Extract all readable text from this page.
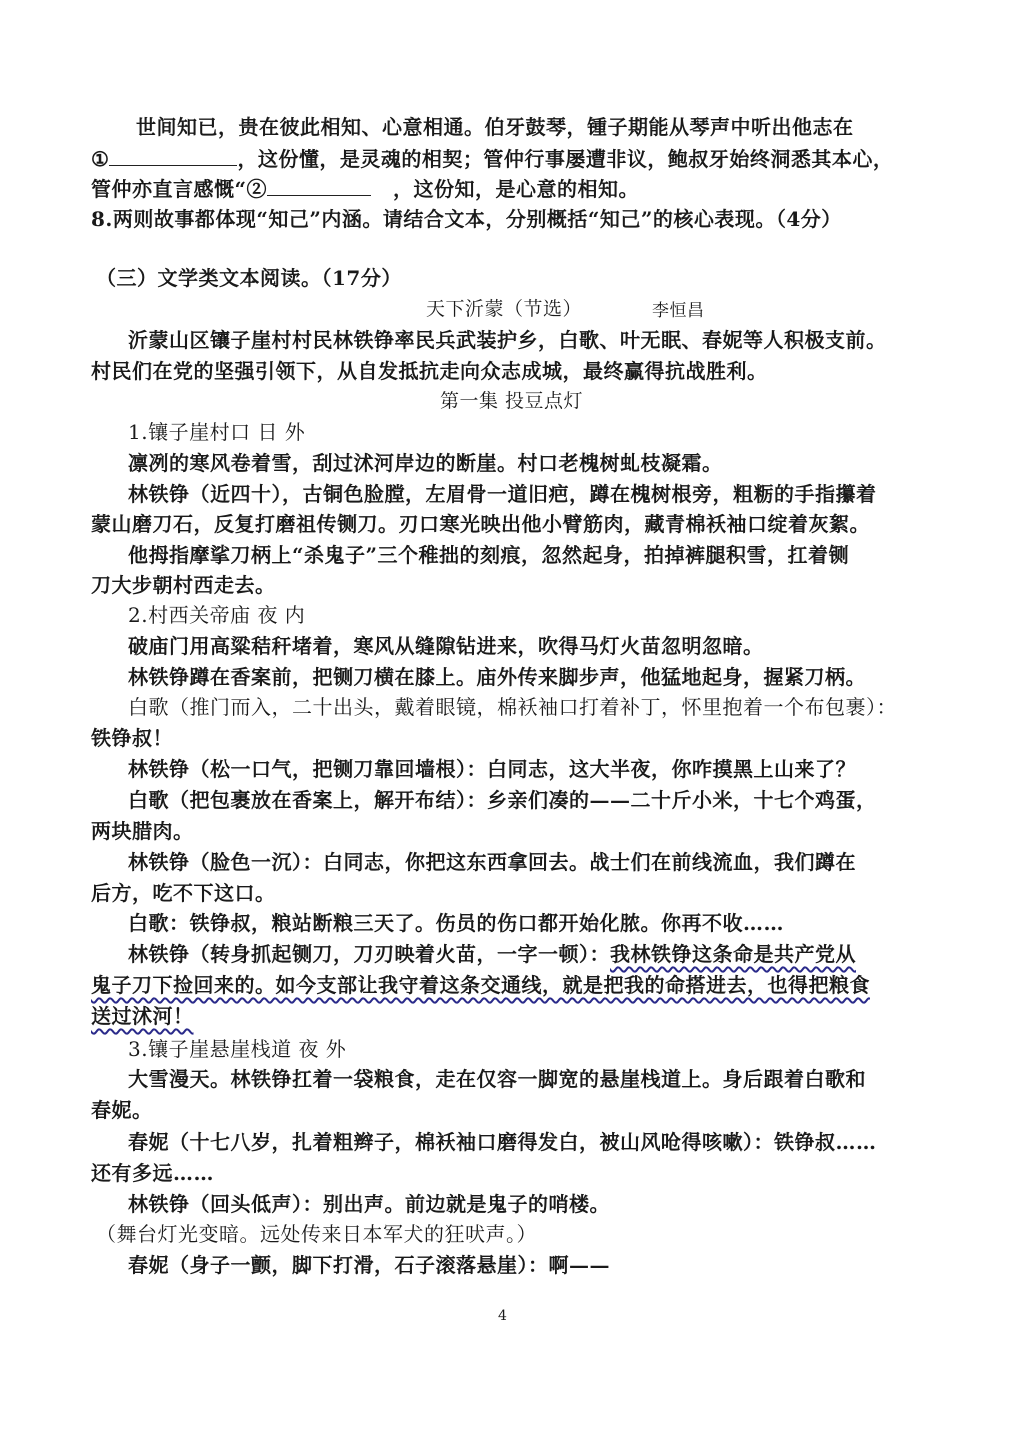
世间知已，贵在彼此相知、心意相通。伯牙鼓琴，锺子期能从琴声中听出他志在
①	，这份懂，是灵魂的相契；管仲行事屡遭非议，鲍叔牙始终洞悉其本心，
管仲亦直言感慨“②	，这份知，是心意的相知。
8.两则故事都体现“知己”内涵。请结合文本，分别概括“知己”的核心表现。（4分）
（三）文学类文本阅读。（17分）
天下沂蒙（节选）	李恒昌
沂蒙山区镶子崖村村民林铁铮率民兵武装护乡，白歌、叶无眠、春妮等人积极支前。
村民们在党的坚强引领下，从自发抵抗走向众志成城，最终赢得抗战胜利。
第一集 投豆点灯
1.镶子崖村口 日 外
凛冽的寒风卷着雪，刮过沭河岸边的断崖。村口老槐树虬枝凝霜。
林铁铮（近四十），古铜色脸膛，左眉骨一道旧疤，蹲在槐树根旁，粗粝的手指攥着
蒙山磨刀石，反复打磨祖传铡刀。刃口寒光映出他小臂筋肉，藏青棉袄袖口绽着灰絮。
他拇指摩挲刀柄上“杀鬼子”三个稚拙的刻痕，忽然起身，拍掉裤腿积雪，扛着铡
刀大步朝村西走去。
2.村西关帝庙 夜 内
破庙门用高粱秸秆堵着，寒风从缝隙钻进来，吹得马灯火苗忽明忽暗。
林铁铮蹲在香案前，把铡刀横在膝上。庙外传来脚步声，他猛地起身，握紧刀柄。
白歌（推门而入，二十出头，戴着眼镜，棉袄袖口打着补丁，怀里抱着一个布包裹）：
铁铮叔！
林铁铮（松一口气，把铡刀靠回墙根）：白同志，这大半夜，你咋摸黑上山来了？
白歌（把包裹放在香案上，解开布结）：乡亲们凑的——二十斤小米，十七个鸡蛋，
两块腊肉。
林铁铮（脸色一沉）：白同志，你把这东西拿回去。战士们在前线流血，我们蹲在
后方，吃不下这口。
白歌：铁铮叔，粮站断粮三天了。伤员的伤口都开始化脓。你再不收……
林铁铮（转身抓起铡刀，刀刃映着火苗，一字一顿）：我林铁铮这条命是共产党从
鬼子刀下捡回来的。如今支部让我守着这条交通线，就是把我的命搭进去，也得把粮食
送过沭河！
3.镶子崖悬崖栈道 夜 外
大雪漫天。林铁铮扛着一袋粮食，走在仅容一脚宽的悬崖栈道上。身后跟着白歌和
春妮。
春妮（十七八岁，扎着粗辫子，棉袄袖口磨得发白，被山风呛得咳嗽）：铁铮叔……
还有多远……
林铁铮（回头低声）：别出声。前边就是鬼子的哨楼。
（舞台灯光变暗。远处传来日本军犬的狂吠声。）
春妮（身子一颤，脚下打滑，石子滚落悬崖）：啊——
4
